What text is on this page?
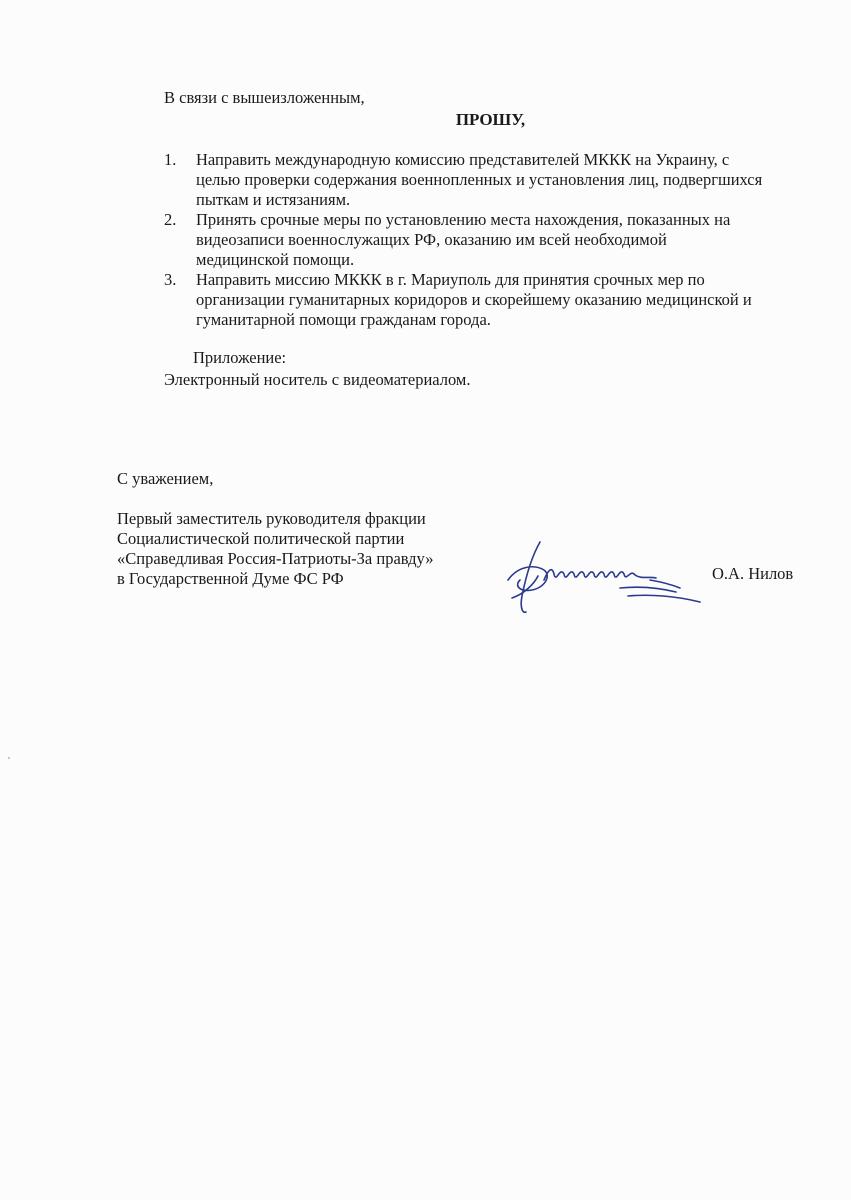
В связи с вышеизложенным,
ПРОШУ,
1. Направить международную комиссию представителей МККК на Украину, с
целью проверки содержания военнопленных и установления лиц, подвергшихся
пыткам и истязаниям.
2. Принять срочные меры по установлению места нахождения, показанных на
видеозаписи военнослужащих РФ, оказанию им всей необходимой
медицинской помощи.
3. Направить миссию МККК в г. Мариуполь для принятия срочных мер по
организации гуманитарных коридоров и скорейшему оказанию медицинской и
гуманитарной помощи гражданам города.
Приложение:
Электронный носитель с видеоматериалом.
С уважением,
Первый заместитель руководителя фракции
Социалистической политической партии
«Справедливая Россия-Патриоты-За правду»
в Государственной Думе ФС РФ	О.А. Нилов
